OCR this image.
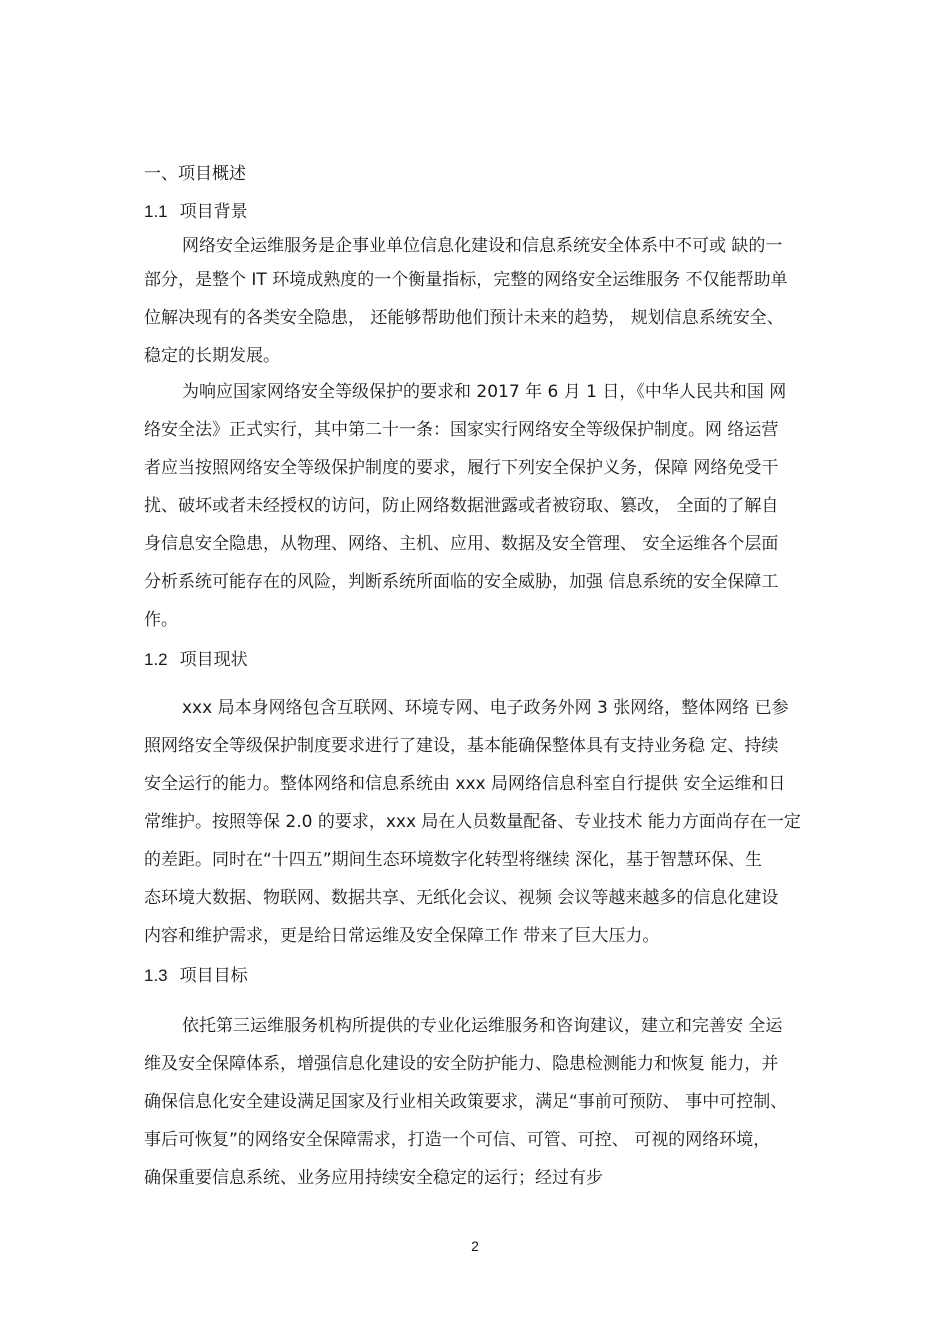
一、项目概述
1.1 项目背景
网络安全运维服务是企事业单位信息化建设和信息系统安全体系中不可或 缺的一
部分，是整个 IT 环境成熟度的一个衡量指标，完整的网络安全运维服务 不仅能帮助单
位解决现有的各类安全隐患， 还能够帮助他们预计未来的趋势， 规划信息系统安全、
稳定的长期发展。
为响应国家网络安全等级保护的要求和 2017 年 6 月 1 日，《中华人民共和国 网
络安全法》正式实行，其中第二十一条：国家实行网络安全等级保护制度。网 络运营
者应当按照网络安全等级保护制度的要求，履行下列安全保护义务，保障 网络免受干
扰、破坏或者未经授权的访问，防止网络数据泄露或者被窃取、篡改， 全面的了解自
身信息安全隐患，从物理、网络、主机、应用、数据及安全管理、 安全运维各个层面
分析系统可能存在的风险，判断系统所面临的安全威胁，加强 信息系统的安全保障工
作。
1.2 项目现状
xxx 局本身网络包含互联网、环境专网、电子政务外网 3 张网络，整体网络 已参
照网络安全等级保护制度要求进行了建设，基本能确保整体具有支持业务稳 定、持续
安全运行的能力。整体网络和信息系统由 xxx 局网络信息科室自行提供 安全运维和日
常维护。按照等保 2.0 的要求，xxx 局在人员数量配备、专业技术 能力方面尚存在一定
的差距。同时在“十四五”期间生态环境数字化转型将继续 深化，基于智慧环保、生
态环境大数据、物联网、数据共享、无纸化会议、视频 会议等越来越多的信息化建设
内容和维护需求，更是给日常运维及安全保障工作 带来了巨大压力。
1.3 项目目标
依托第三运维服务机构所提供的专业化运维服务和咨询建议，建立和完善安 全运
维及安全保障体系，增强信息化建设的安全防护能力、隐患检测能力和恢复 能力，并
确保信息化安全建设满足国家及行业相关政策要求，满足“事前可预防、 事中可控制、
事后可恢复”的网络安全保障需求，打造一个可信、可管、可控、 可视的网络环境，
确保重要信息系统、业务应用持续安全稳定的运行；经过有步
2
